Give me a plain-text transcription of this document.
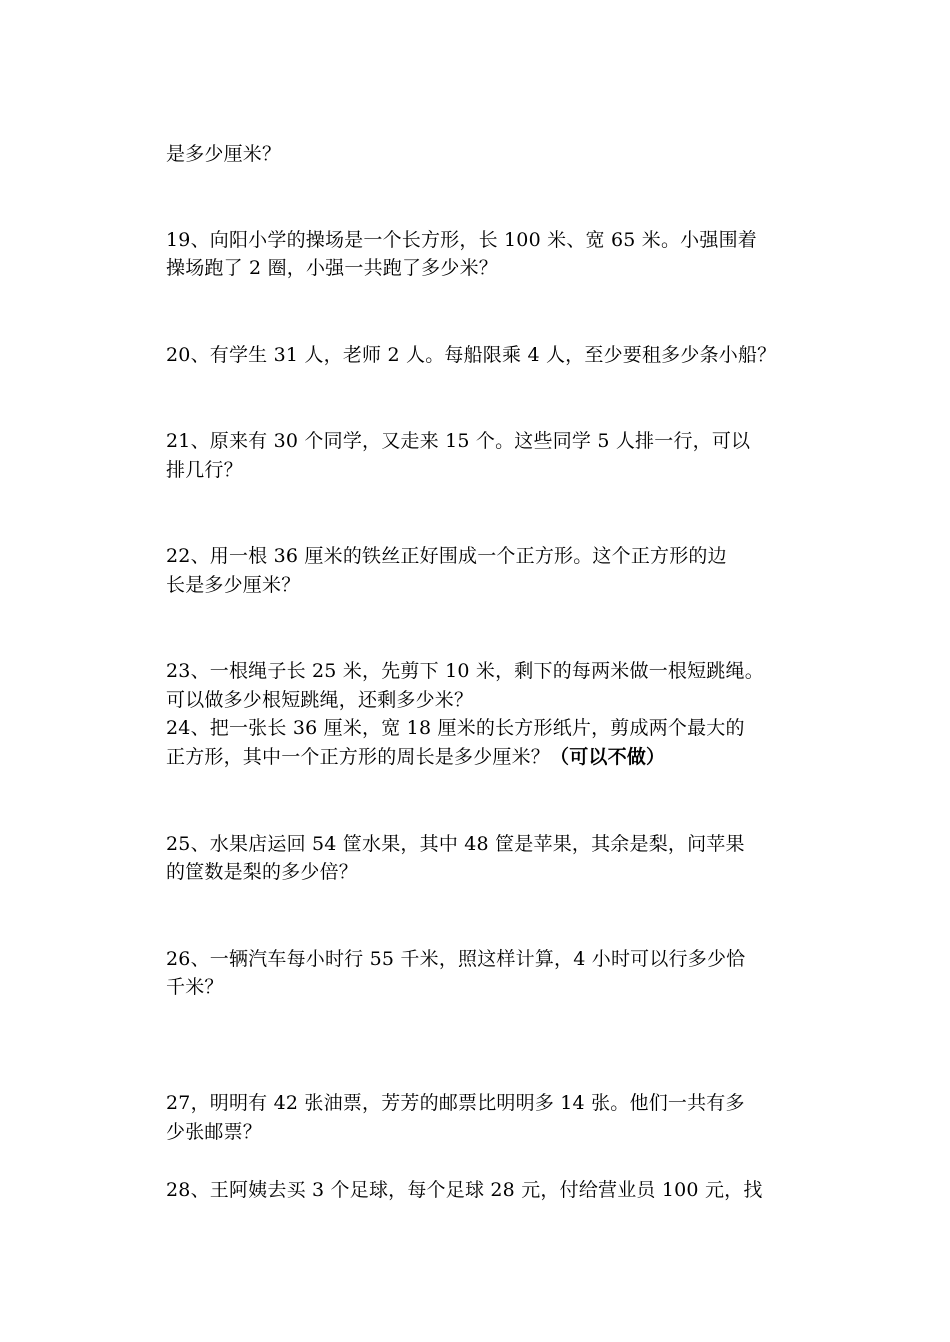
是多少厘米？
19、向阳小学的操场是一个长方形，长 100 米、宽 65 米。小强围着
操场跑了 2 圈，小强一共跑了多少米？
20、有学生 31 人，老师 2 人。每船限乘 4 人，至少要租多少条小船？
21、原来有 30 个同学，又走来 15 个。这些同学 5 人排一行，可以
排几行？
22、用一根 36 厘米的铁丝正好围成一个正方形。这个正方形的边
长是多少厘米？
23、一根绳子长 25 米，先剪下 10 米，剩下的每两米做一根短跳绳。
可以做多少根短跳绳，还剩多少米？
24、把一张长 36 厘米，宽 18 厘米的长方形纸片，剪成两个最大的
正方形，其中一个正方形的周长是多少厘米？（可以不做）
25、水果店运回 54 筐水果，其中 48 筐是苹果，其余是梨，问苹果
的筐数是梨的多少倍？
26、一辆汽车每小时行 55 千米，照这样计算，4 小时可以行多少恰
千米？
27，明明有 42 张油票，芳芳的邮票比明明多 14 张。他们一共有多
少张邮票？
28、王阿姨去买 3 个足球，每个足球 28 元，付给营业员 100 元，找
